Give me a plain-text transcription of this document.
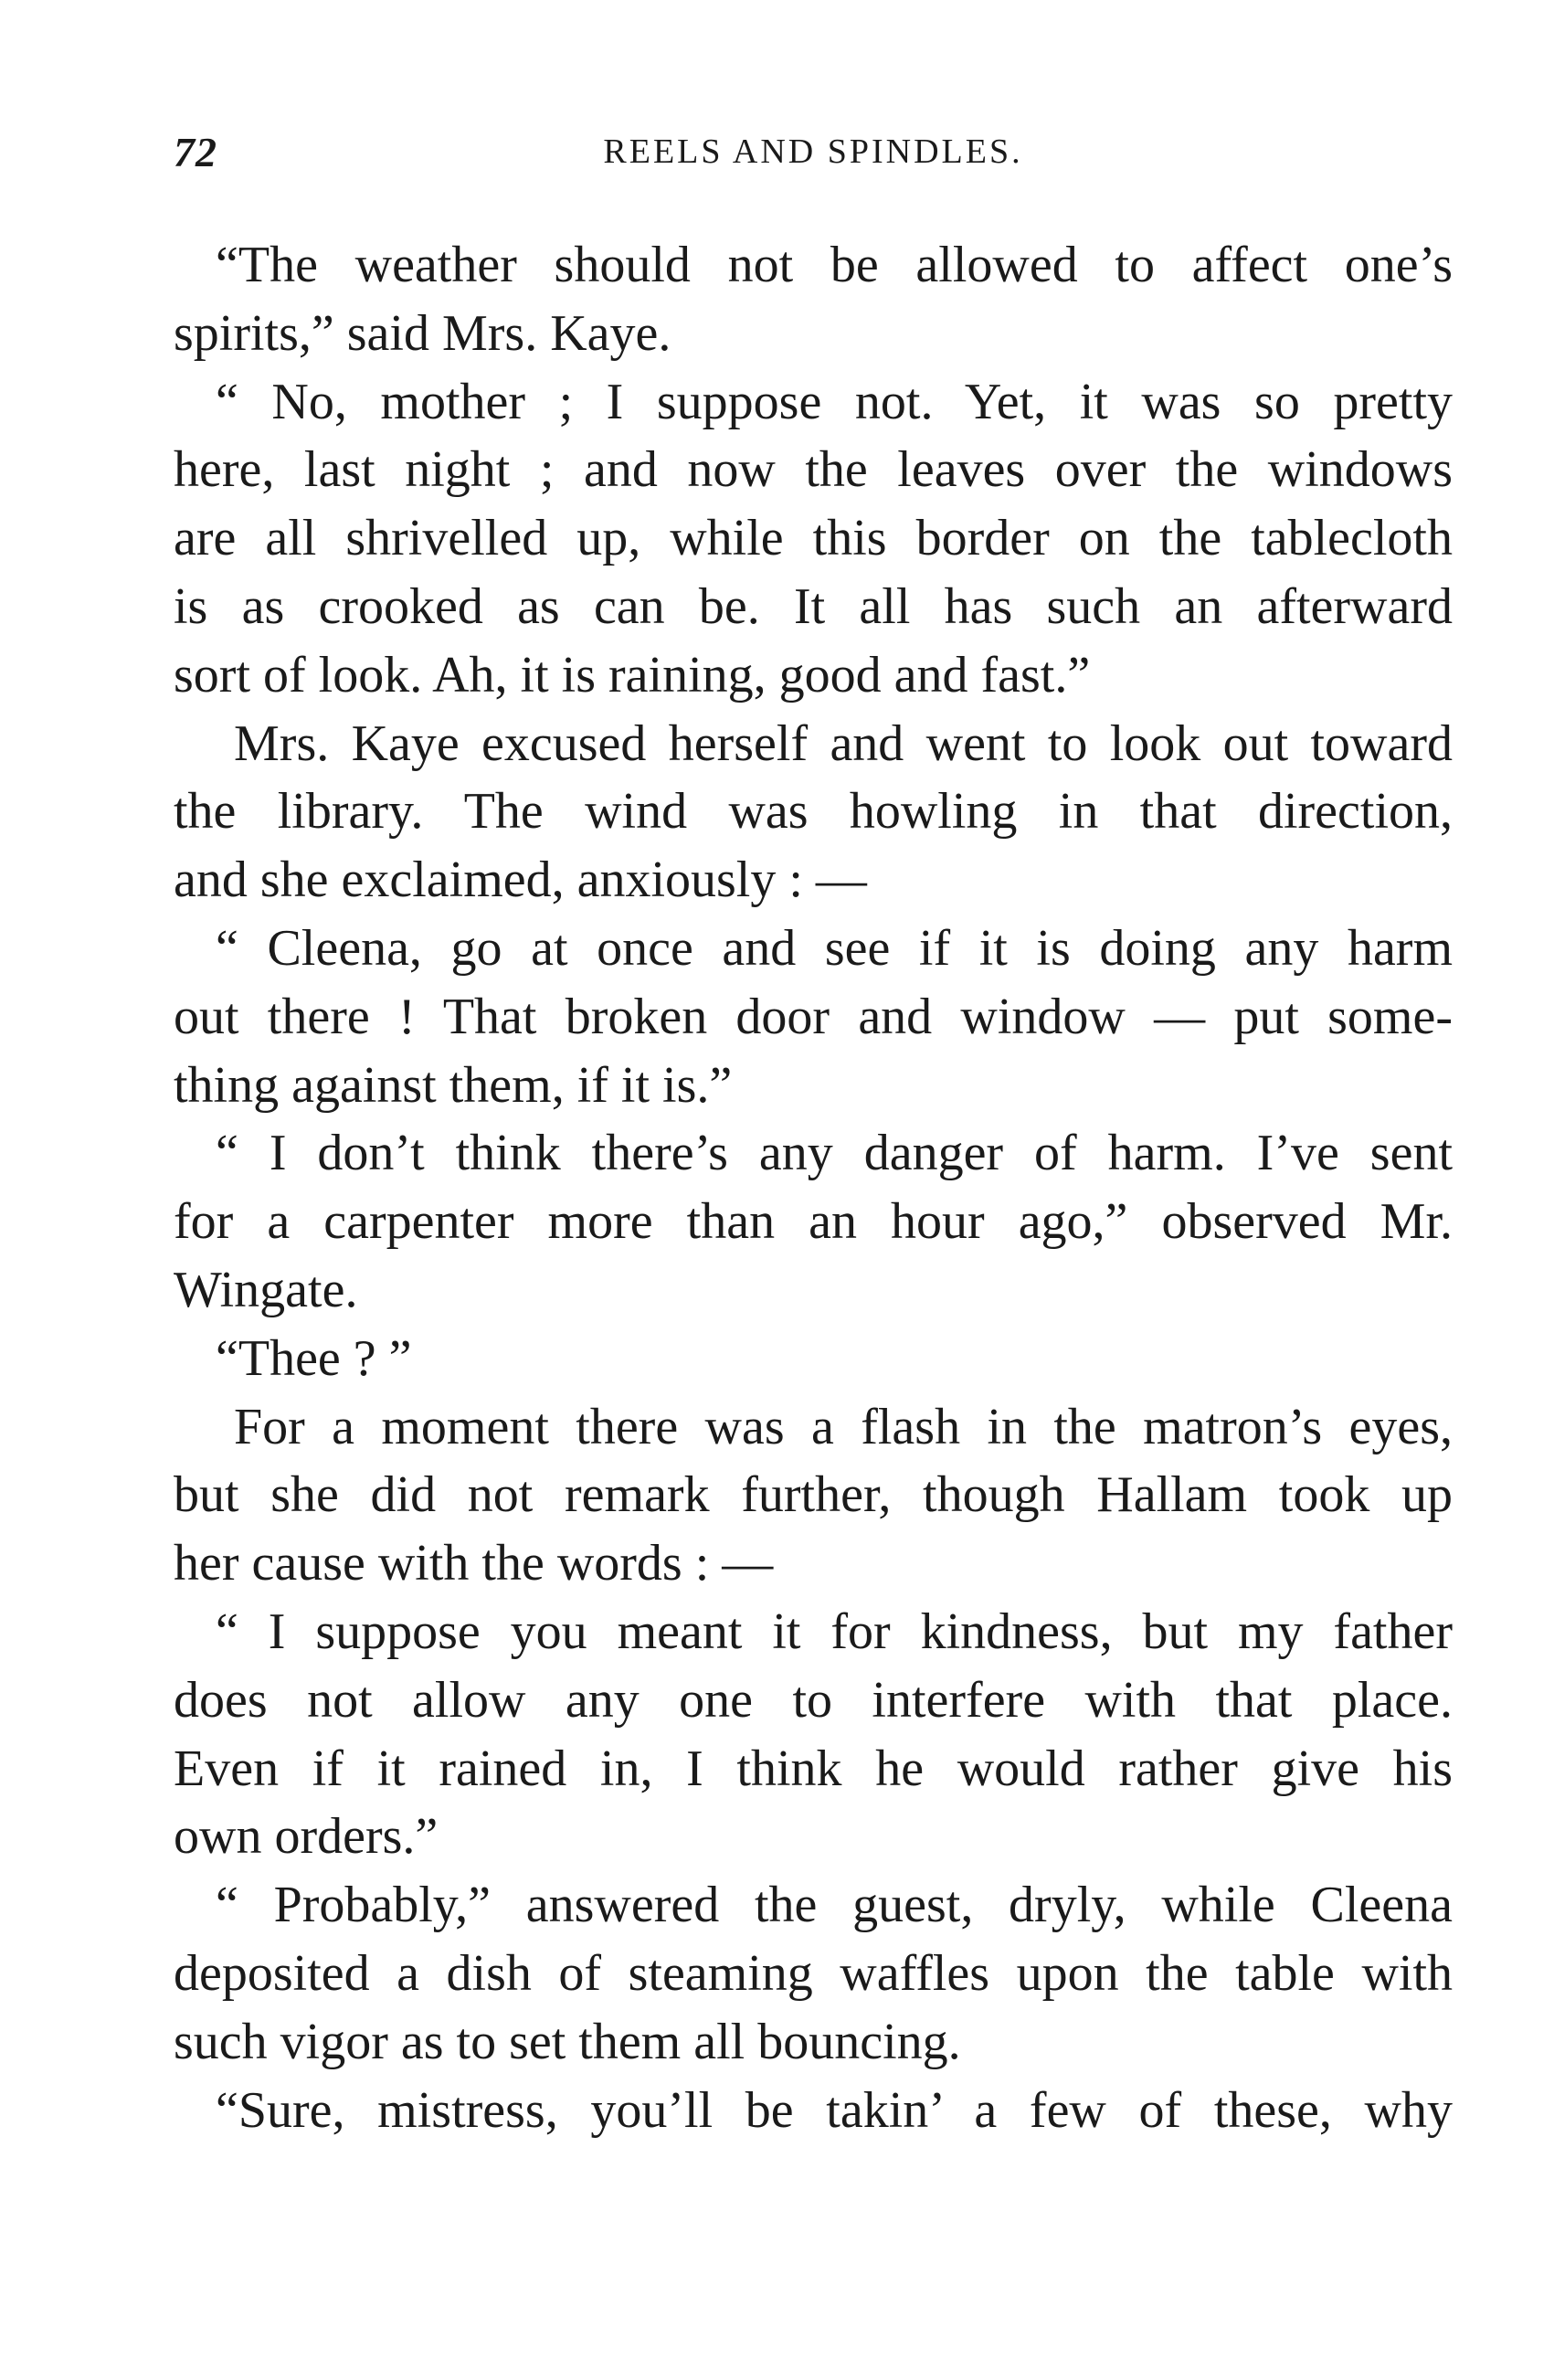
72	REELS AND SPINDLES.
“The weather should not be allowed to affect one’s
spirits,” said Mrs. Kaye.
“ No, mother ; I suppose not. Yet, it was so pretty
here, last night ; and now the leaves over the windows
are all shrivelled up, while this border on the tablecloth
is as crooked as can be. It all has such an afterward
sort of look. Ah, it is raining, good and fast.”
Mrs. Kaye excused herself and went to look out toward
the library. The wind was howling in that direction,
and she exclaimed, anxiously : —
“ Cleena, go at once and see if it is doing any harm
out there ! That broken door and window — put some-
thing against them, if it is.”
“ I don’t think there’s any danger of harm. I’ve sent
for a carpenter more than an hour ago,” observed Mr.
Wingate.
“Thee ? ”
For a moment there was a flash in the matron’s eyes,
but she did not remark further, though Hallam took up
her cause with the words : —
“ I suppose you meant it for kindness, but my father
does not allow any one to interfere with that place.
Even if it rained in, I think he would rather give his
own orders.”
“ Probably,” answered the guest, dryly, while Cleena
deposited a dish of steaming waffles upon the table with
such vigor as to set them all bouncing.
“Sure, mistress, you’ll be takin’ a few of these, why
